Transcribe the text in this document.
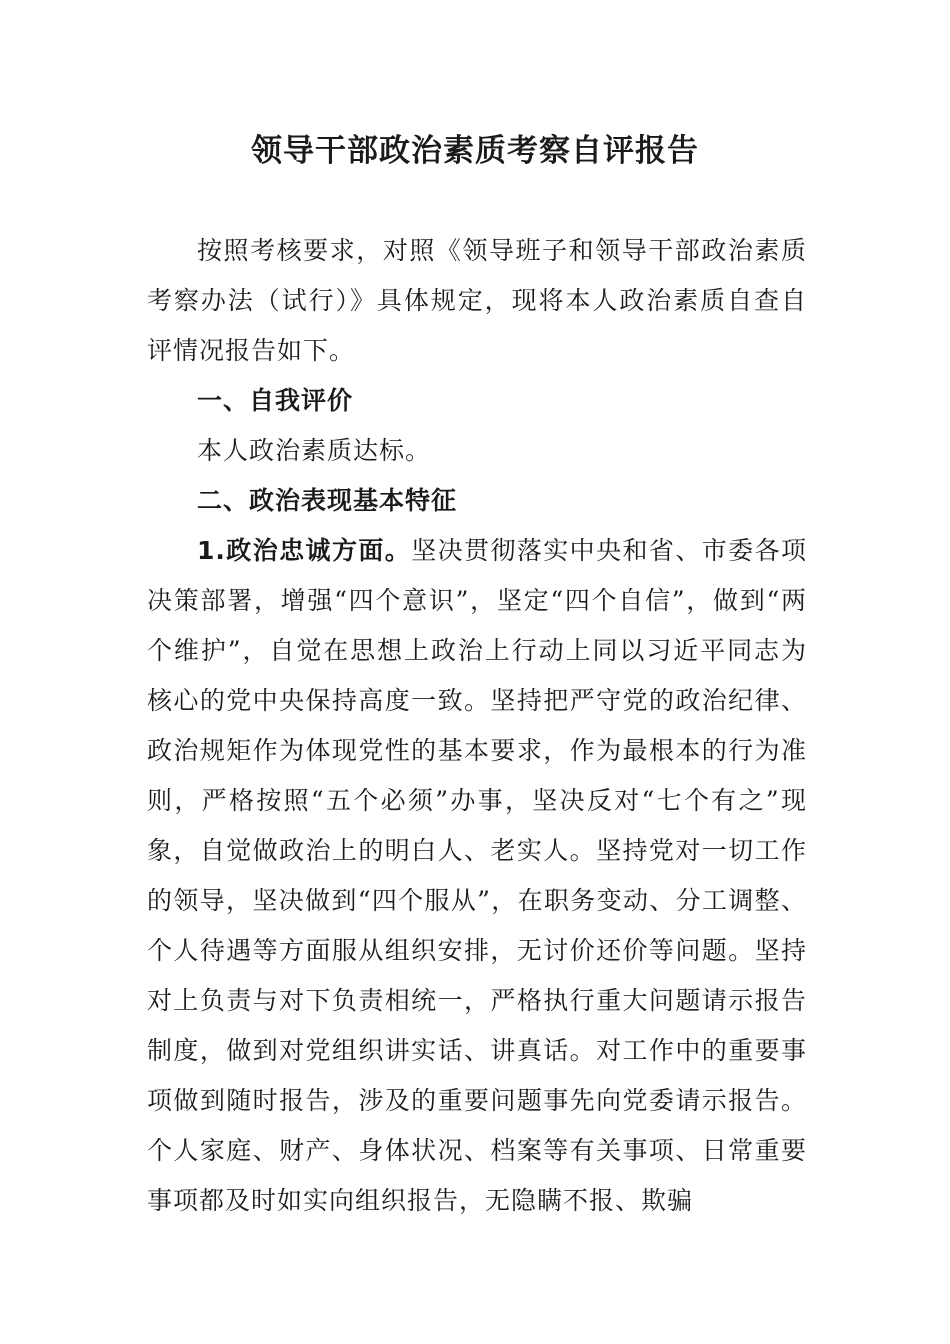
领导干部政治素质考察自评报告

按照考核要求，对照《领导班子和领导干部政治素质考察办法（试行）》具体规定，现将本人政治素质自查自评情况报告如下。

一、自我评价

本人政治素质达标。

二、政治表现基本特征

1.政治忠诚方面。坚决贯彻落实中央和省、市委各项决策部署，增强“四个意识”，坚定“四个自信”，做到“两个维护”，自觉在思想上政治上行动上同以习近平同志为核心的党中央保持高度一致。坚持把严守党的政治纪律、政治规矩作为体现党性的基本要求，作为最根本的行为准则，严格按照“五个必须”办事，坚决反对“七个有之”现象，自觉做政治上的明白人、老实人。坚持党对一切工作的领导，坚决做到“四个服从”，在职务变动、分工调整、个人待遇等方面服从组织安排，无讨价还价等问题。坚持对上负责与对下负责相统一，严格执行重大问题请示报告制度，做到对党组织讲实话、讲真话。对工作中的重要事项做到随时报告，涉及的重要问题事先向党委请示报告。个人家庭、财产、身体状况、档案等有关事项、日常重要事项都及时如实向组织报告，无隐瞒不报、欺骗
